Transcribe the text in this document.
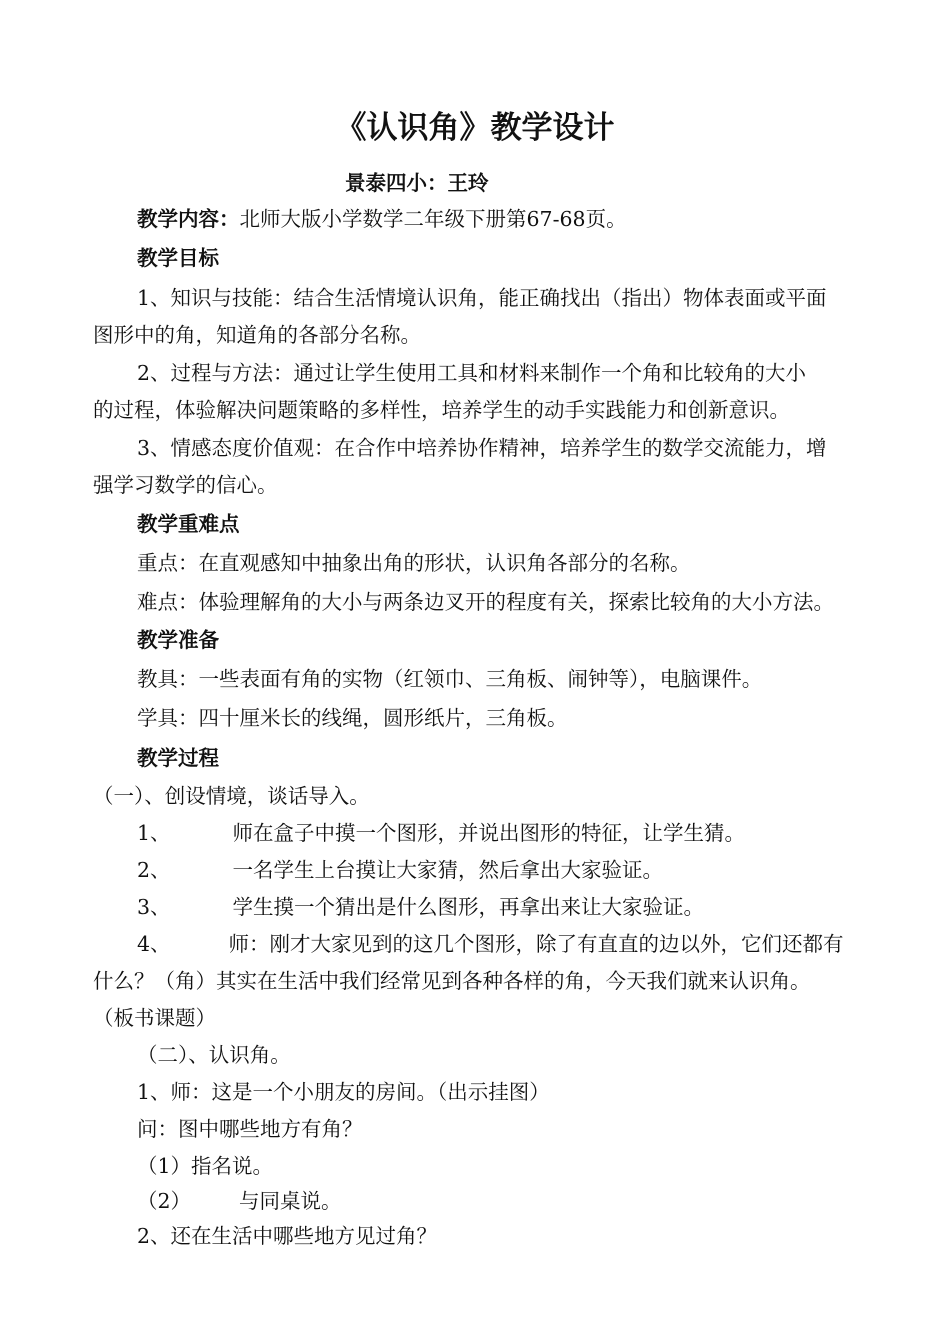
《认识角》教学设计
景泰四小：王玲
教学内容：北师大版小学数学二年级下册第67-68页。
教学目标
1、知识与技能：结合生活情境认识角，能正确找出（指出）物体表面或平面
图形中的角，知道角的各部分名称。
2、过程与方法：通过让学生使用工具和材料来制作一个角和比较角的大小
的过程，体验解决问题策略的多样性，培养学生的动手实践能力和创新意识。
3、情感态度价值观：在合作中培养协作精神，培养学生的数学交流能力，增
强学习数学的信心。
教学重难点
重点：在直观感知中抽象出角的形状，认识角各部分的名称。
难点：体验理解角的大小与两条边叉开的程度有关，探索比较角的大小方法。
教学准备
教具：一些表面有角的实物（红领巾、三角板、闹钟等），电脑课件。
学具：四十厘米长的线绳，圆形纸片，三角板。
教学过程
（一）、创设情境，谈话导入。
1、	师在盒子中摸一个图形，并说出图形的特征，让学生猜。
2、	一名学生上台摸让大家猜，然后拿出大家验证。
3、	学生摸一个猜出是什么图形，再拿出来让大家验证。
4、	师：刚才大家见到的这几个图形，除了有直直的边以外，它们还都有
什么？（角）其实在生活中我们经常见到各种各样的角，今天我们就来认识角。
（板书课题）
（二）、认识角。
1、师：这是一个小朋友的房间。（出示挂图）
问：图中哪些地方有角？
（1）指名说。
（2） 与同桌说。
2、还在生活中哪些地方见过角？
